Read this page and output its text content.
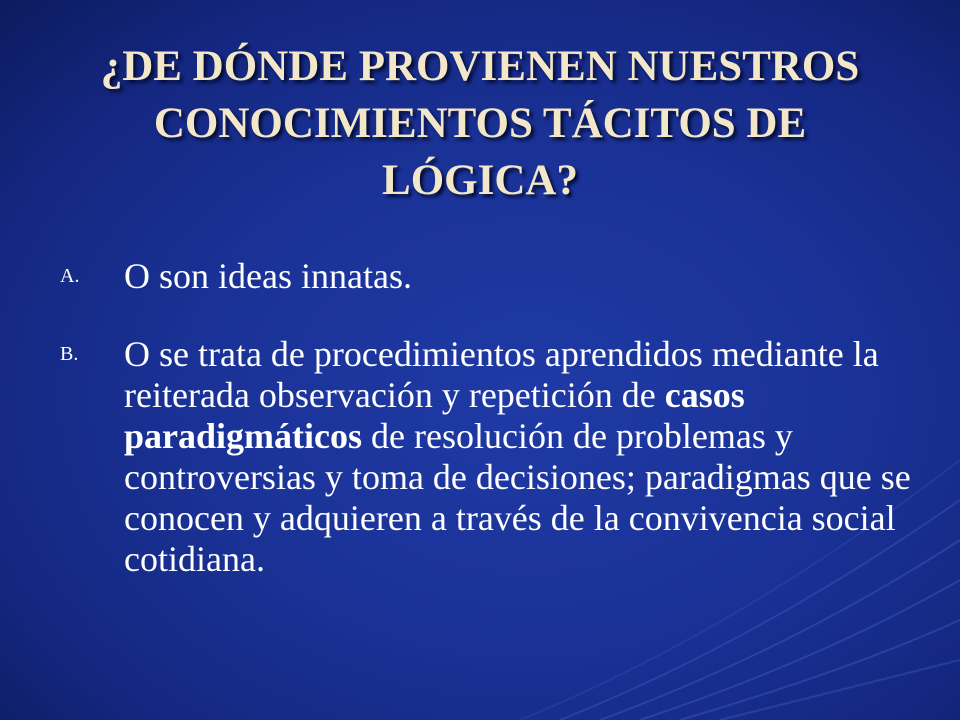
¿DE DÓNDE PROVIENEN NUESTROS CONOCIMIENTOS TÁCITOS DE LÓGICA?
A.	O son ideas innatas.
B.	O se trata de procedimientos aprendidos mediante la reiterada observación y repetición de casos paradigmáticos de resolución de problemas y controversias y toma de decisiones; paradigmas que se conocen y adquieren a través de la convivencia social cotidiana.
